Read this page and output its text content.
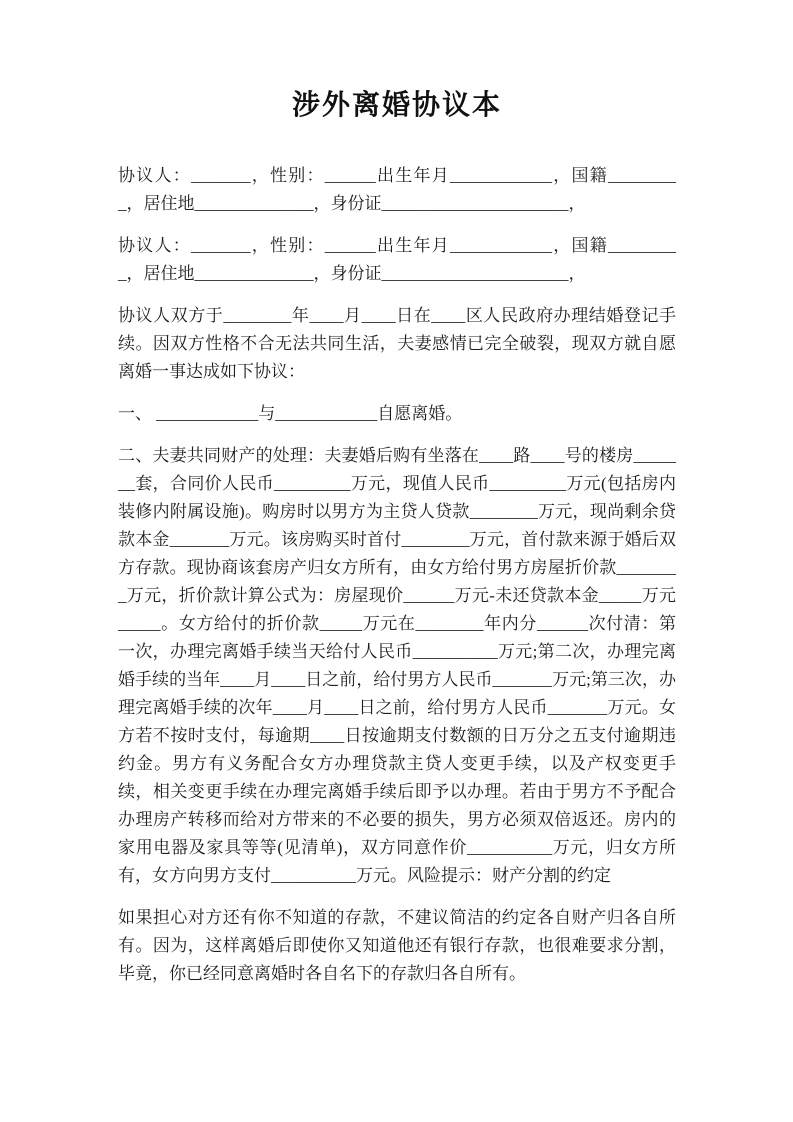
涉外离婚协议本

协议人：_______，性别：______出生年月____________，国籍_________，居住地______________，身份证______________________，

协议人：_______，性别：______出生年月____________，国籍_________，居住地______________，身份证______________________，

协议人双方于________年____月____日在____区人民政府办理结婚登记手续。因双方性格不合无法共同生活，夫妻感情已完全破裂，现双方就自愿离婚一事达成如下协议：

一、 ____________与____________自愿离婚。

二、夫妻共同财产的处理：夫妻婚后购有坐落在____路____号的楼房_______套，合同价人民币_________万元，现值人民币_________万元(包括房内装修内附属设施)。购房时以男方为主贷人贷款________万元，现尚剩余贷款本金_______万元。该房购买时首付________万元，首付款来源于婚后双方存款。现协商该套房产归女方所有，由女方给付男方房屋折价款________万元，折价款计算公式为：房屋现价______万元-未还贷款本金_____万元_____。女方给付的折价款_____万元在________年内分______次付清：第一次，办理完离婚手续当天给付人民币__________万元;第二次，办理完离婚手续的当年____月____日之前，给付男方人民币_______万元;第三次，办理完离婚手续的次年____月____日之前，给付男方人民币_______万元。女方若不按时支付，每逾期____日按逾期支付数额的日万分之五支付逾期违约金。男方有义务配合女方办理贷款主贷人变更手续，以及产权变更手续，相关变更手续在办理完离婚手续后即予以办理。若由于男方不予配合办理房产转移而给对方带来的不必要的损失，男方必须双倍返还。房内的家用电器及家具等等(见清单)，双方同意作价__________万元，归女方所有，女方向男方支付__________万元。风险提示：财产分割的约定

如果担心对方还有你不知道的存款，不建议简洁的约定各自财产归各自所有。因为，这样离婚后即使你又知道他还有银行存款，也很难要求分割，毕竟，你已经同意离婚时各自名下的存款归各自所有。
